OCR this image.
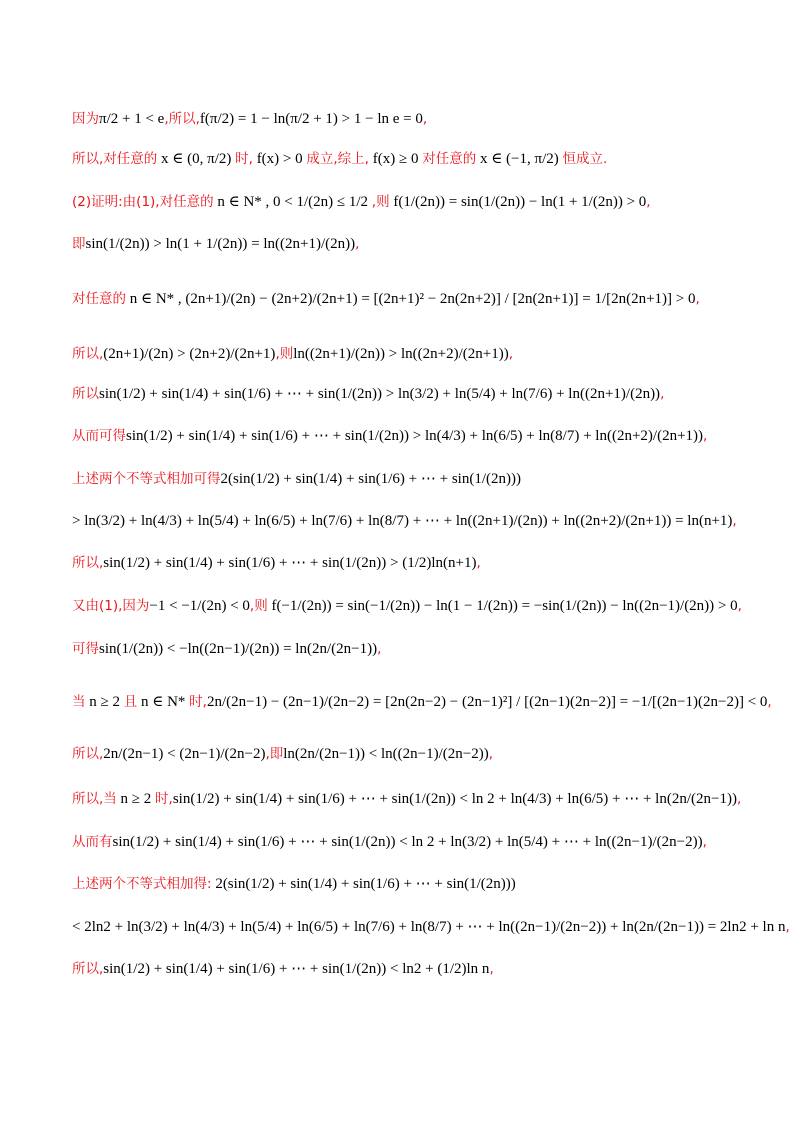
因为π/2 + 1 < e,所以,f(π/2) = 1 − ln(π/2 + 1) > 1 − ln e = 0,
所以,对任意的 x ∈ (0, π/2) 时, f(x) > 0 成立,综上, f(x) ≥ 0 对任意的 x ∈ (−1, π/2) 恒成立.
(2)证明:由(1),对任意的 n ∈ N* , 0 < 1/(2n) ≤ 1/2 ,则 f(1/(2n)) = sin(1/(2n)) − ln(1 + 1/(2n)) > 0,
即sin(1/(2n)) > ln(1 + 1/(2n)) = ln((2n+1)/(2n)),
对任意的 n ∈ N* , (2n+1)/(2n) − (2n+2)/(2n+1) = [(2n+1)² − 2n(2n+2)] / [2n(2n+1)] = 1/[2n(2n+1)] > 0,
所以,(2n+1)/(2n) > (2n+2)/(2n+1),则ln((2n+1)/(2n)) > ln((2n+2)/(2n+1)),
所以sin(1/2) + sin(1/4) + sin(1/6) + ⋯ + sin(1/(2n)) > ln(3/2) + ln(5/4) + ln(7/6) + ln((2n+1)/(2n)),
从而可得sin(1/2) + sin(1/4) + sin(1/6) + ⋯ + sin(1/(2n)) > ln(4/3) + ln(6/5) + ln(8/7) + ln((2n+2)/(2n+1)),
上述两个不等式相加可得2(sin(1/2) + sin(1/4) + sin(1/6) + ⋯ + sin(1/(2n)))
> ln(3/2) + ln(4/3) + ln(5/4) + ln(6/5) + ln(7/6) + ln(8/7) + ⋯ + ln((2n+1)/(2n)) + ln((2n+2)/(2n+1)) = ln(n+1),
所以,sin(1/2) + sin(1/4) + sin(1/6) + ⋯ + sin(1/(2n)) > (1/2)ln(n+1),
又由(1),因为−1 < −1/(2n) < 0,则 f(−1/(2n)) = sin(−1/(2n)) − ln(1 − 1/(2n)) = −sin(1/(2n)) − ln((2n−1)/(2n)) > 0,
可得sin(1/(2n)) < −ln((2n−1)/(2n)) = ln(2n/(2n−1)),
当 n ≥ 2 且 n ∈ N* 时,2n/(2n−1) − (2n−1)/(2n−2) = [2n(2n−2) − (2n−1)²] / [(2n−1)(2n−2)] = −1/[(2n−1)(2n−2)] < 0,
所以,2n/(2n−1) < (2n−1)/(2n−2),即ln(2n/(2n−1)) < ln((2n−1)/(2n−2)),
所以,当 n ≥ 2 时,sin(1/2) + sin(1/4) + sin(1/6) + ⋯ + sin(1/(2n)) < ln 2 + ln(4/3) + ln(6/5) + ⋯ + ln(2n/(2n−1)),
从而有sin(1/2) + sin(1/4) + sin(1/6) + ⋯ + sin(1/(2n)) < ln 2 + ln(3/2) + ln(5/4) + ⋯ + ln((2n−1)/(2n−2)),
上述两个不等式相加得: 2(sin(1/2) + sin(1/4) + sin(1/6) + ⋯ + sin(1/(2n)))
< 2ln2 + ln(3/2) + ln(4/3) + ln(5/4) + ln(6/5) + ln(7/6) + ln(8/7) + ⋯ + ln((2n−1)/(2n−2)) + ln(2n/(2n−1)) = 2ln2 + ln n,
所以,sin(1/2) + sin(1/4) + sin(1/6) + ⋯ + sin(1/(2n)) < ln2 + (1/2)ln n,
